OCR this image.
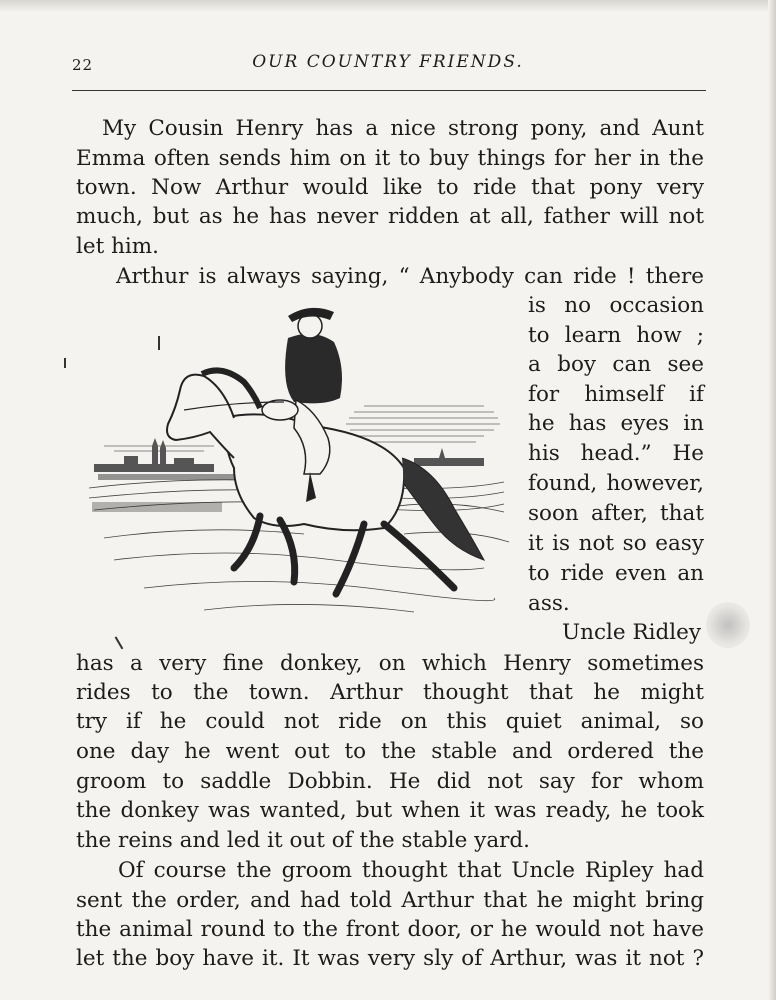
22	OUR COUNTRY FRIENDS.
My Cousin Henry has a nice strong pony, and Aunt
Emma often sends him on it to buy things for her in the
town. Now Arthur would like to ride that pony very
much, but as he has never ridden at all, father will not
let him.
Arthur is always saying, “ Anybody can ride ! there
is no occasion
to learn how ;
a boy can see
for himself if
he has eyes in
his head.” He
found, however,
soon after, that
it is not so easy
to ride even an
ass.
Uncle Ridley
has a very fine donkey, on which Henry sometimes
rides to the town. Arthur thought that he might
try if he could not ride on this quiet animal, so
one day he went out to the stable and ordered the
groom to saddle Dobbin. He did not say for whom
the donkey was wanted, but when it was ready, he took
the reins and led it out of the stable yard.
Of course the groom thought that Uncle Ripley had
sent the order, and had told Arthur that he might bring
the animal round to the front door, or he would not have
let the boy have it. It was very sly of Arthur, was it not ?
